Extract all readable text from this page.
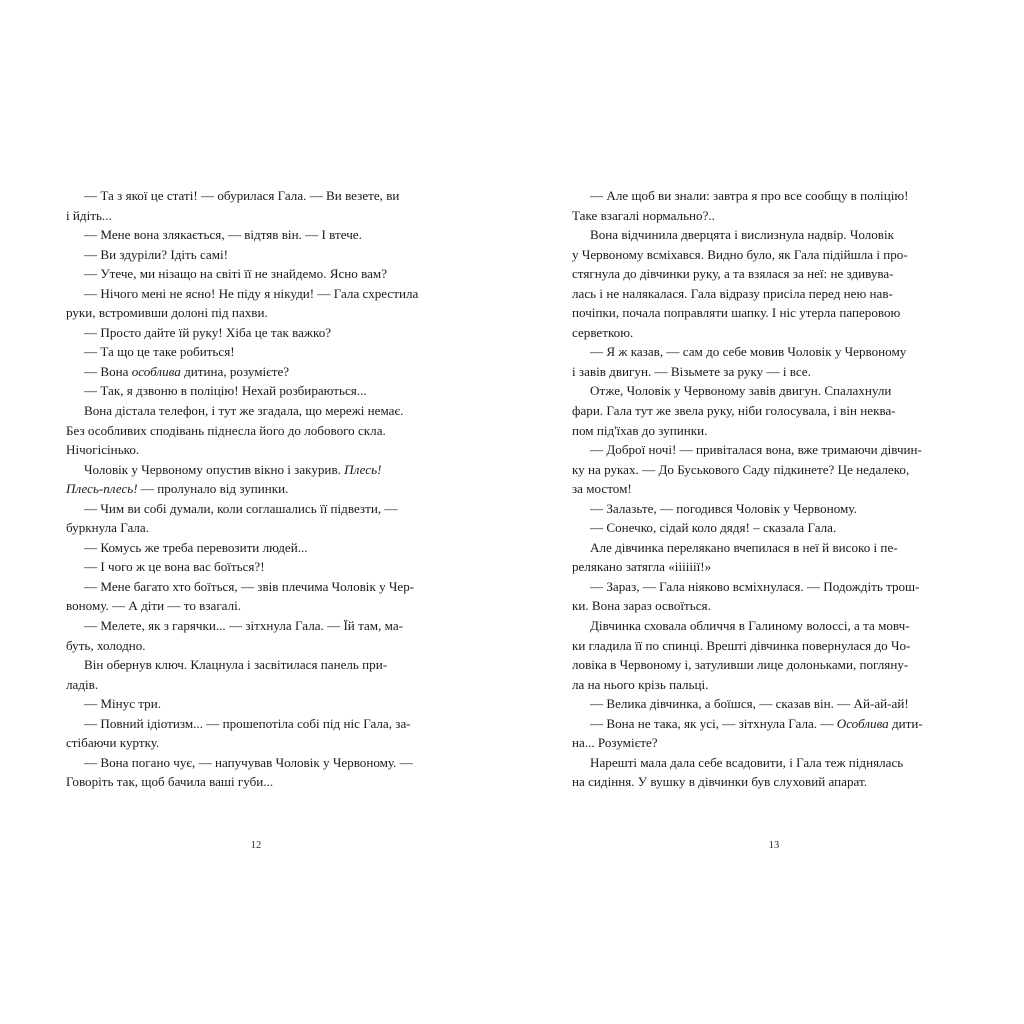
— Та з якої це статі! — обурилася Гала. — Ви везете, ви
і йдіть...
— Мене вона злякається, — відтяв він. — І втече.
— Ви здуріли? Ідіть самі!
— Утече, ми нізащо на світі її не знайдемо. Ясно вам?
— Нічого мені не ясно! Не піду я нікуди! — Гала схрестила
руки, встромивши долоні під пахви.
— Просто дайте їй руку! Хіба це так важко?
— Та що це таке робиться!
— Вона особлива дитина, розумієте?
— Так, я дзвоню в поліцію! Нехай розбираються...
Вона дістала телефон, і тут же згадала, що мережі немає.
Без особливих сподівань піднесла його до лобового скла.
Нічогісінько.
Чоловік у Червоному опустив вікно і закурив. Плесь!
Плесь-плесь! — пролунало від зупинки.
— Чим ви собі думали, коли соглашались її підвезти, —
буркнула Гала.
— Комусь же треба перевозити людей...
— І чого ж це вона вас боїться?!
— Мене багато хто боїться, — звів плечима Чоловік у Чер-
воному. — А діти — то взагалі.
— Мелете, як з гарячки... — зітхнула Гала. — Їй там, ма-
буть, холодно.
Він обернув ключ. Клацнула і засвітилася панель при-
ладів.
— Мінус три.
— Повний ідіотизм... — прошепотіла собі під ніс Гала, за-
стібаючи куртку.
— Вона погано чує, — напучував Чоловік у Червоному. —
Говоріть так, щоб бачила ваші губи...
12
— Але щоб ви знали: завтра я про все сообщу в поліцію!
Таке взагалі нормально?..
Вона відчинила дверцята і вислизнула надвір. Чоловік
у Червоному всміхався. Видно було, як Гала підійшла і про-
стягнула до дівчинки руку, а та взялася за неї: не здивува-
лась і не налякалася. Гала відразу присіла перед нею нав-
почіпки, почала поправляти шапку. І ніс утерла паперовою
серветкою.
— Я ж казав, — сам до себе мовив Чоловік у Червоному
і завів двигун. — Візьмете за руку — і все.
Отже, Чоловік у Червоному завів двигун. Спалахнули
фари. Гала тут же звела руку, ніби голосувала, і він неква-
пом під'їхав до зупинки.
— Доброї ночі! — привіталася вона, вже тримаючи дівчин-
ку на руках. — До Буськового Саду підкинете? Це недалеко,
за мостом!
— Залазьте, — погодився Чоловік у Червоному.
— Сонечко, сідай коло дядя! – сказала Гала.
Але дівчинка перелякано вчепилася в неї й високо і пе-
релякано затягла «іііііії!»
— Зараз, — Гала ніяково всміхнулася. — Подождіть трош-
ки. Вона зараз освоїться.
Дівчинка сховала обличчя в Галиному волоссі, а та мовч-
ки гладила її по спинці. Врешті дівчинка повернулася до Чо-
ловіка в Червоному і, затуливши лице долоньками, погляну-
ла на нього крізь пальці.
— Велика дівчинка, а боїшся, — сказав він. — Ай-ай-ай!
— Вона не така, як усі, — зітхнула Гала. — Особлива дити-
на... Розумієте?
Нарешті мала дала себе всадовити, і Гала теж піднялась
на сидіння. У вушку в дівчинки був слуховий апарат.
13
